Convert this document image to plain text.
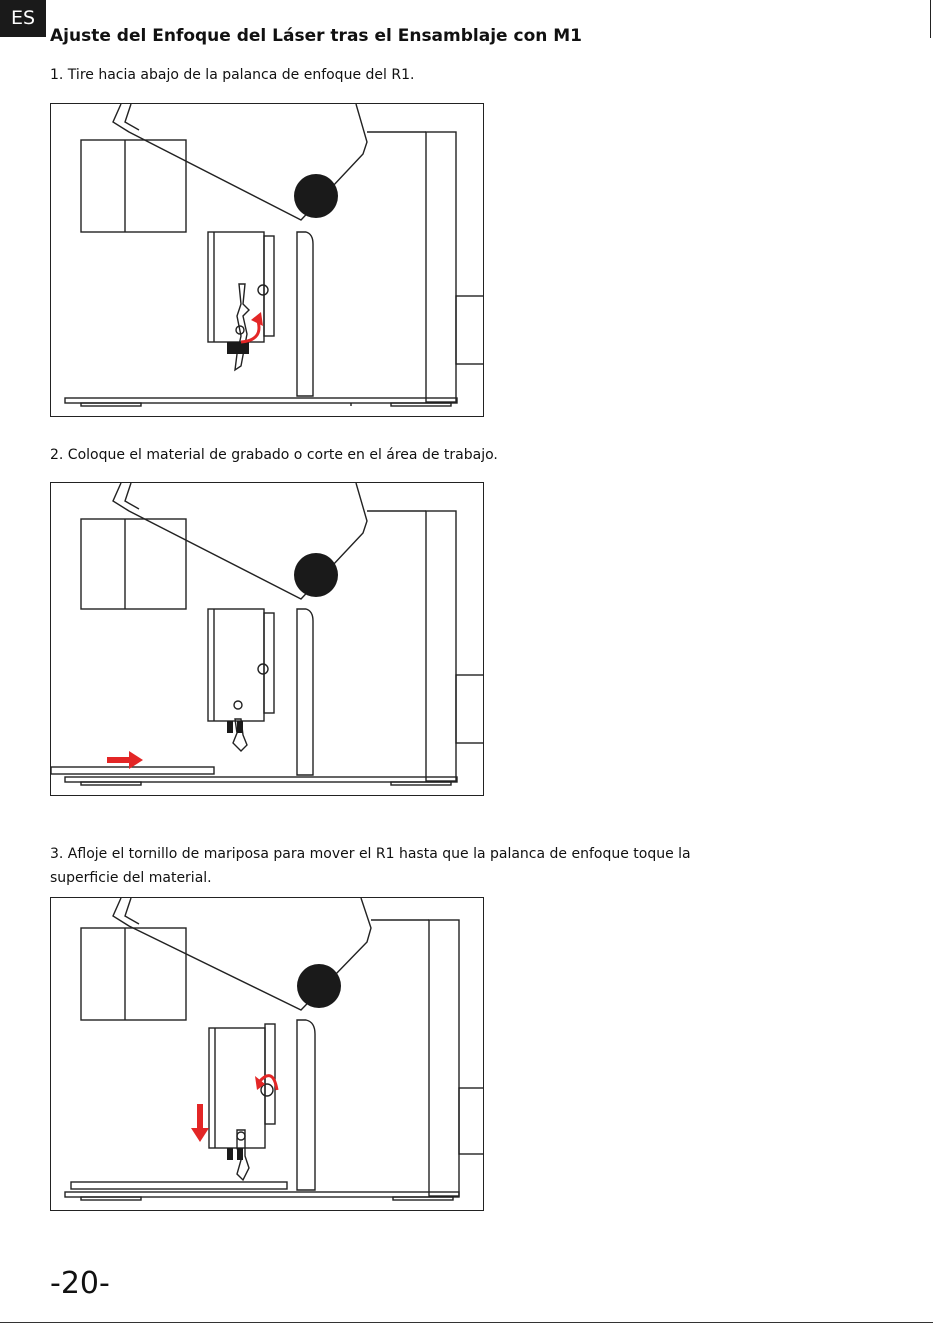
ES
Ajuste del Enfoque del Láser tras el Ensamblaje con M1

1. Tire hacia abajo de la palanca de enfoque del R1.

2. Coloque el material de grabado o corte en el área de trabajo.

3. Afloje el tornillo de mariposa para mover el R1 hasta que la palanca de enfoque toque la superficie del material.

-20-
